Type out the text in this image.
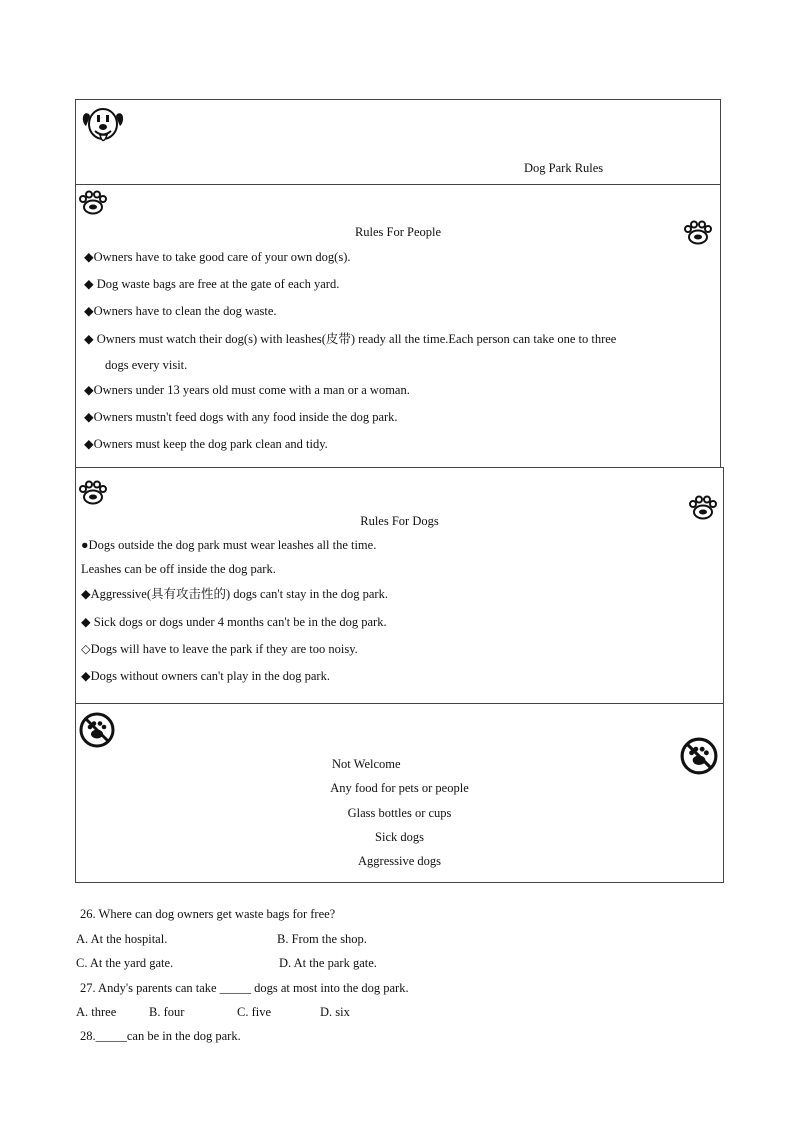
Dog Park Rules
Rules For People
◆Owners have to take good care of your own dog(s).
◆ Dog waste bags are free at the gate of each yard.
◆Owners have to clean the dog waste.
◆ Owners must watch their dog(s) with leashes(皮带) ready all the time.Each person can take one to three
dogs every visit.
◆Owners under 13 years old must come with a man or a woman.
◆Owners mustn't feed dogs with any food inside the dog park.
◆Owners must keep the dog park clean and tidy.
Rules For Dogs
●Dogs outside the dog park must wear leashes all the time.
Leashes can be off inside the dog park.
◆Aggressive(具有攻击性的) dogs can't stay in the dog park.
◆ Sick dogs or dogs under 4 months can't be in the dog park.
◇Dogs will have to leave the park if they are too noisy.
◆Dogs without owners can't play in the dog park.
Not Welcome
Any food for pets or people
Glass bottles or cups
Sick dogs
Aggressive dogs
26. Where can dog owners get waste bags for free?
A. At the hospital.	B. From the shop.
C. At the yard gate.	D. At the park gate.
27. Andy's parents can take _____ dogs at most into the dog park.
A. three	B. four	C. five	D. six
28._____can be in the dog park.
